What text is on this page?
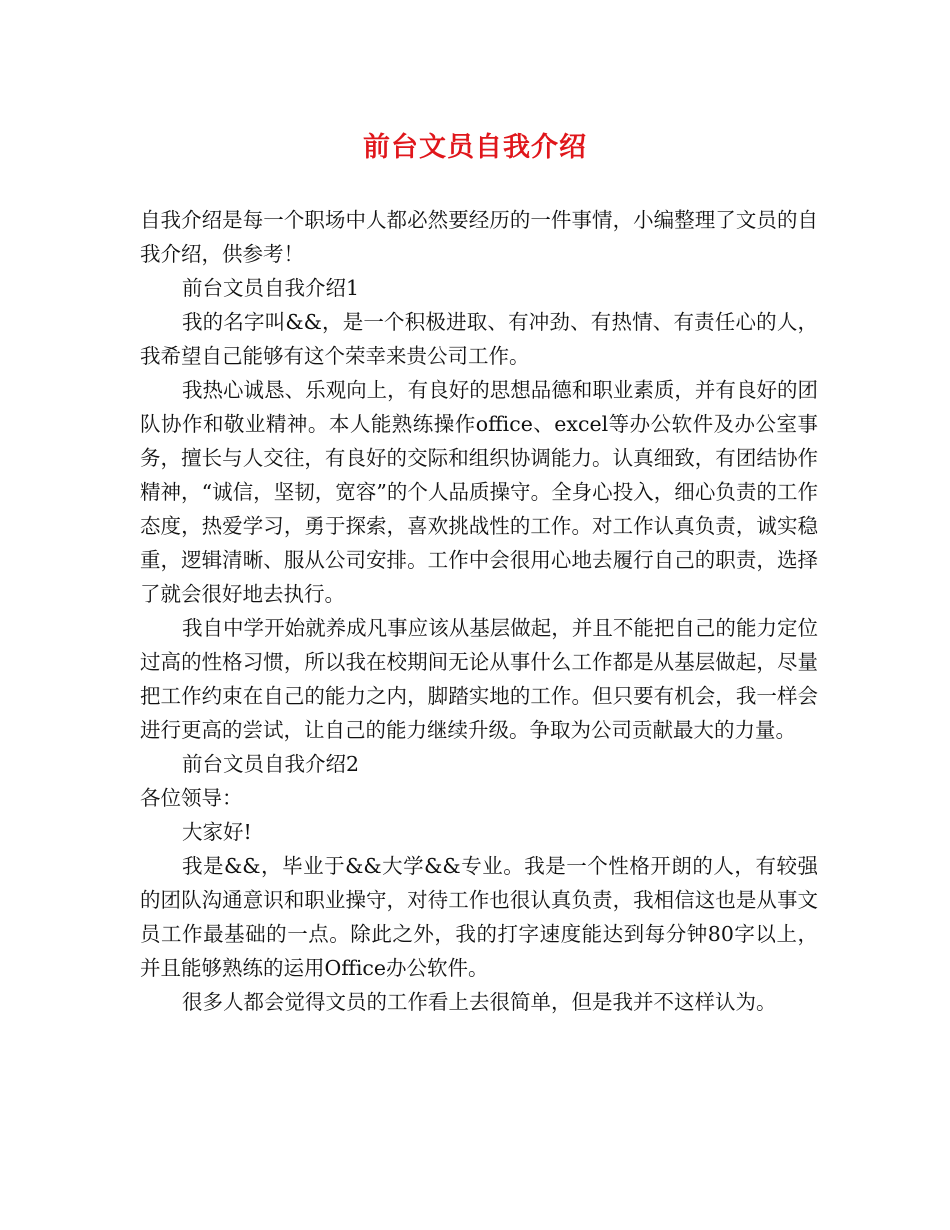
前台文员自我介绍

自我介绍是每一个职场中人都必然要经历的一件事情，小编整理了文员的自我介绍，供参考！

前台文员自我介绍1

我的名字叫&&，是一个积极进取、有冲劲、有热情、有责任心的人，我希望自己能够有这个荣幸来贵公司工作。

我热心诚恳、乐观向上，有良好的思想品德和职业素质，并有良好的团队协作和敬业精神。本人能熟练操作office、excel等办公软件及办公室事务，擅长与人交往，有良好的交际和组织协调能力。认真细致，有团结协作精神，“诚信，坚韧，宽容”的个人品质操守。全身心投入，细心负责的工作态度，热爱学习，勇于探索，喜欢挑战性的工作。对工作认真负责，诚实稳重，逻辑清晰、服从公司安排。工作中会很用心地去履行自己的职责，选择了就会很好地去执行。

我自中学开始就养成凡事应该从基层做起，并且不能把自己的能力定位过高的性格习惯，所以我在校期间无论从事什么工作都是从基层做起，尽量把工作约束在自己的能力之内，脚踏实地的工作。但只要有机会，我一样会进行更高的尝试，让自己的能力继续升级。争取为公司贡献最大的力量。

前台文员自我介绍2

各位领导：

大家好!

我是&&，毕业于&&大学&&专业。我是一个性格开朗的人，有较强的团队沟通意识和职业操守，对待工作也很认真负责，我相信这也是从事文员工作最基础的一点。除此之外，我的打字速度能达到每分钟80字以上，并且能够熟练的运用Office办公软件。

很多人都会觉得文员的工作看上去很简单，但是我并不这样认为。
